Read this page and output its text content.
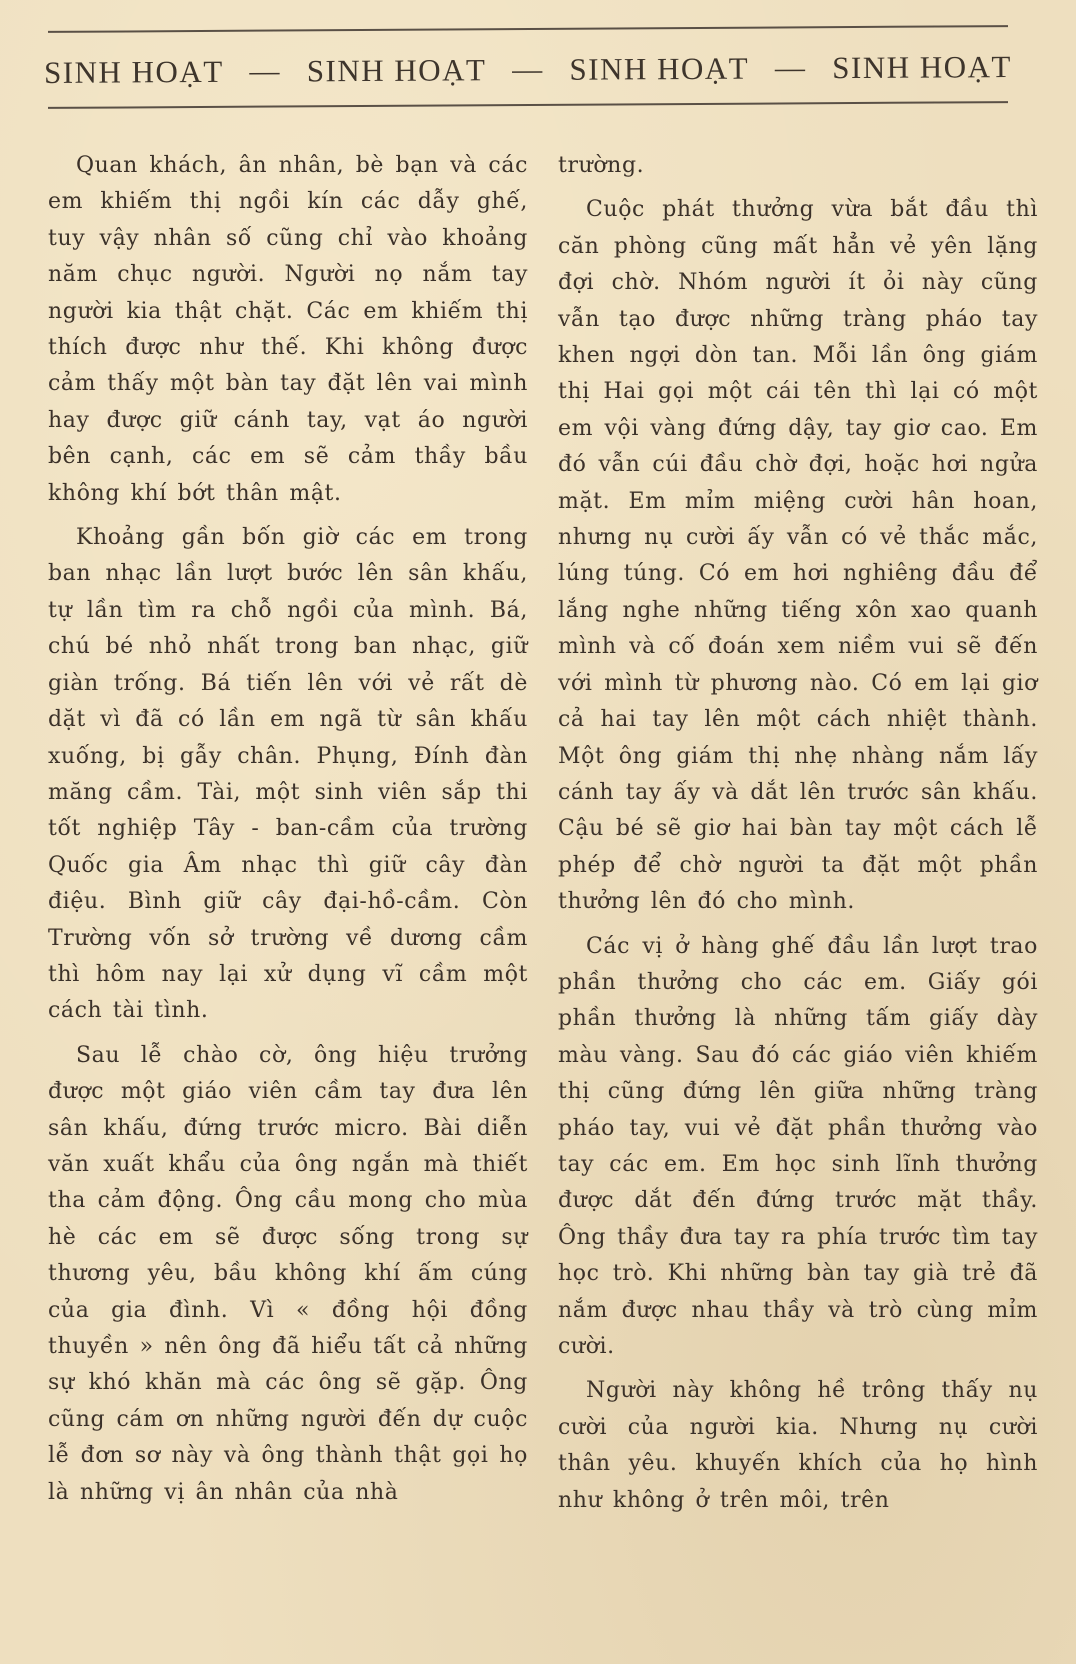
SINH HOẠT — SINH HOẠT — SINH HOẠT — SINH HOẠT

Quan khách, ân nhân, bè bạn và các em khiếm thị ngồi kín các dẫy ghế, tuy vậy nhân số cũng chỉ vào khoảng năm chục người. Người nọ nắm tay người kia thật chặt. Các em khiếm thị thích được như thế. Khi không được cảm thấy một bàn tay đặt lên vai mình hay được giữ cánh tay, vạt áo người bên cạnh, các em sẽ cảm thầy bầu không khí bớt thân mật.

Khoảng gần bốn giờ các em trong ban nhạc lần lượt bước lên sân khấu, tự lần tìm ra chỗ ngồi của mình. Bá, chú bé nhỏ nhất trong ban nhạc, giữ giàn trống. Bá tiến lên với vẻ rất dè dặt vì đã có lần em ngã từ sân khấu xuống, bị gẫy chân. Phụng, Đính đàn măng cầm. Tài, một sinh viên sắp thi tốt nghiệp Tây - ban-cầm của trường Quốc gia Âm nhạc thì giữ cây đàn điệu. Bình giữ cây đại-hồ-cầm. Còn Trường vốn sở trường về dương cầm thì hôm nay lại xử dụng vĩ cầm một cách tài tình.

Sau lễ chào cờ, ông hiệu trưởng được một giáo viên cầm tay đưa lên sân khấu, đứng trước micro. Bài diễn văn xuất khẩu của ông ngắn mà thiết tha cảm động. Ông cầu mong cho mùa hè các em sẽ được sống trong sự thương yêu, bầu không khí ấm cúng của gia đình. Vì « đồng hội đồng thuyền » nên ông đã hiểu tất cả những sự khó khăn mà các ông sẽ gặp. Ông cũng cám ơn những người đến dự cuộc lễ đơn sơ này và ông thành thật gọi họ là những vị ân nhân của nhà

trường.

Cuộc phát thưởng vừa bắt đầu thì căn phòng cũng mất hẳn vẻ yên lặng đợi chờ. Nhóm người ít ỏi này cũng vẫn tạo được những tràng pháo tay khen ngợi dòn tan. Mỗi lần ông giám thị Hai gọi một cái tên thì lại có một em vội vàng đứng dậy, tay giơ cao. Em đó vẫn cúi đầu chờ đợi, hoặc hơi ngửa mặt. Em mỉm miệng cười hân hoan, nhưng nụ cười ấy vẫn có vẻ thắc mắc, lúng túng. Có em hơi nghiêng đầu để lắng nghe những tiếng xôn xao quanh mình và cố đoán xem niềm vui sẽ đến với mình từ phương nào. Có em lại giơ cả hai tay lên một cách nhiệt thành. Một ông giám thị nhẹ nhàng nắm lấy cánh tay ấy và dắt lên trước sân khấu. Cậu bé sẽ giơ hai bàn tay một cách lễ phép để chờ người ta đặt một phần thưởng lên đó cho mình.

Các vị ở hàng ghế đầu lần lượt trao phần thưởng cho các em. Giấy gói phần thưởng là những tấm giấy dày màu vàng. Sau đó các giáo viên khiếm thị cũng đứng lên giữa những tràng pháo tay, vui vẻ đặt phần thưởng vào tay các em. Em học sinh lĩnh thưởng được dắt đến đứng trước mặt thầy. Ông thầy đưa tay ra phía trước tìm tay học trò. Khi những bàn tay già trẻ đã nắm được nhau thầy và trò cùng mỉm cười.

Người này không hề trông thấy nụ cười của người kia. Nhưng nụ cười thân yêu. khuyến khích của họ hình như không ở trên môi, trên
